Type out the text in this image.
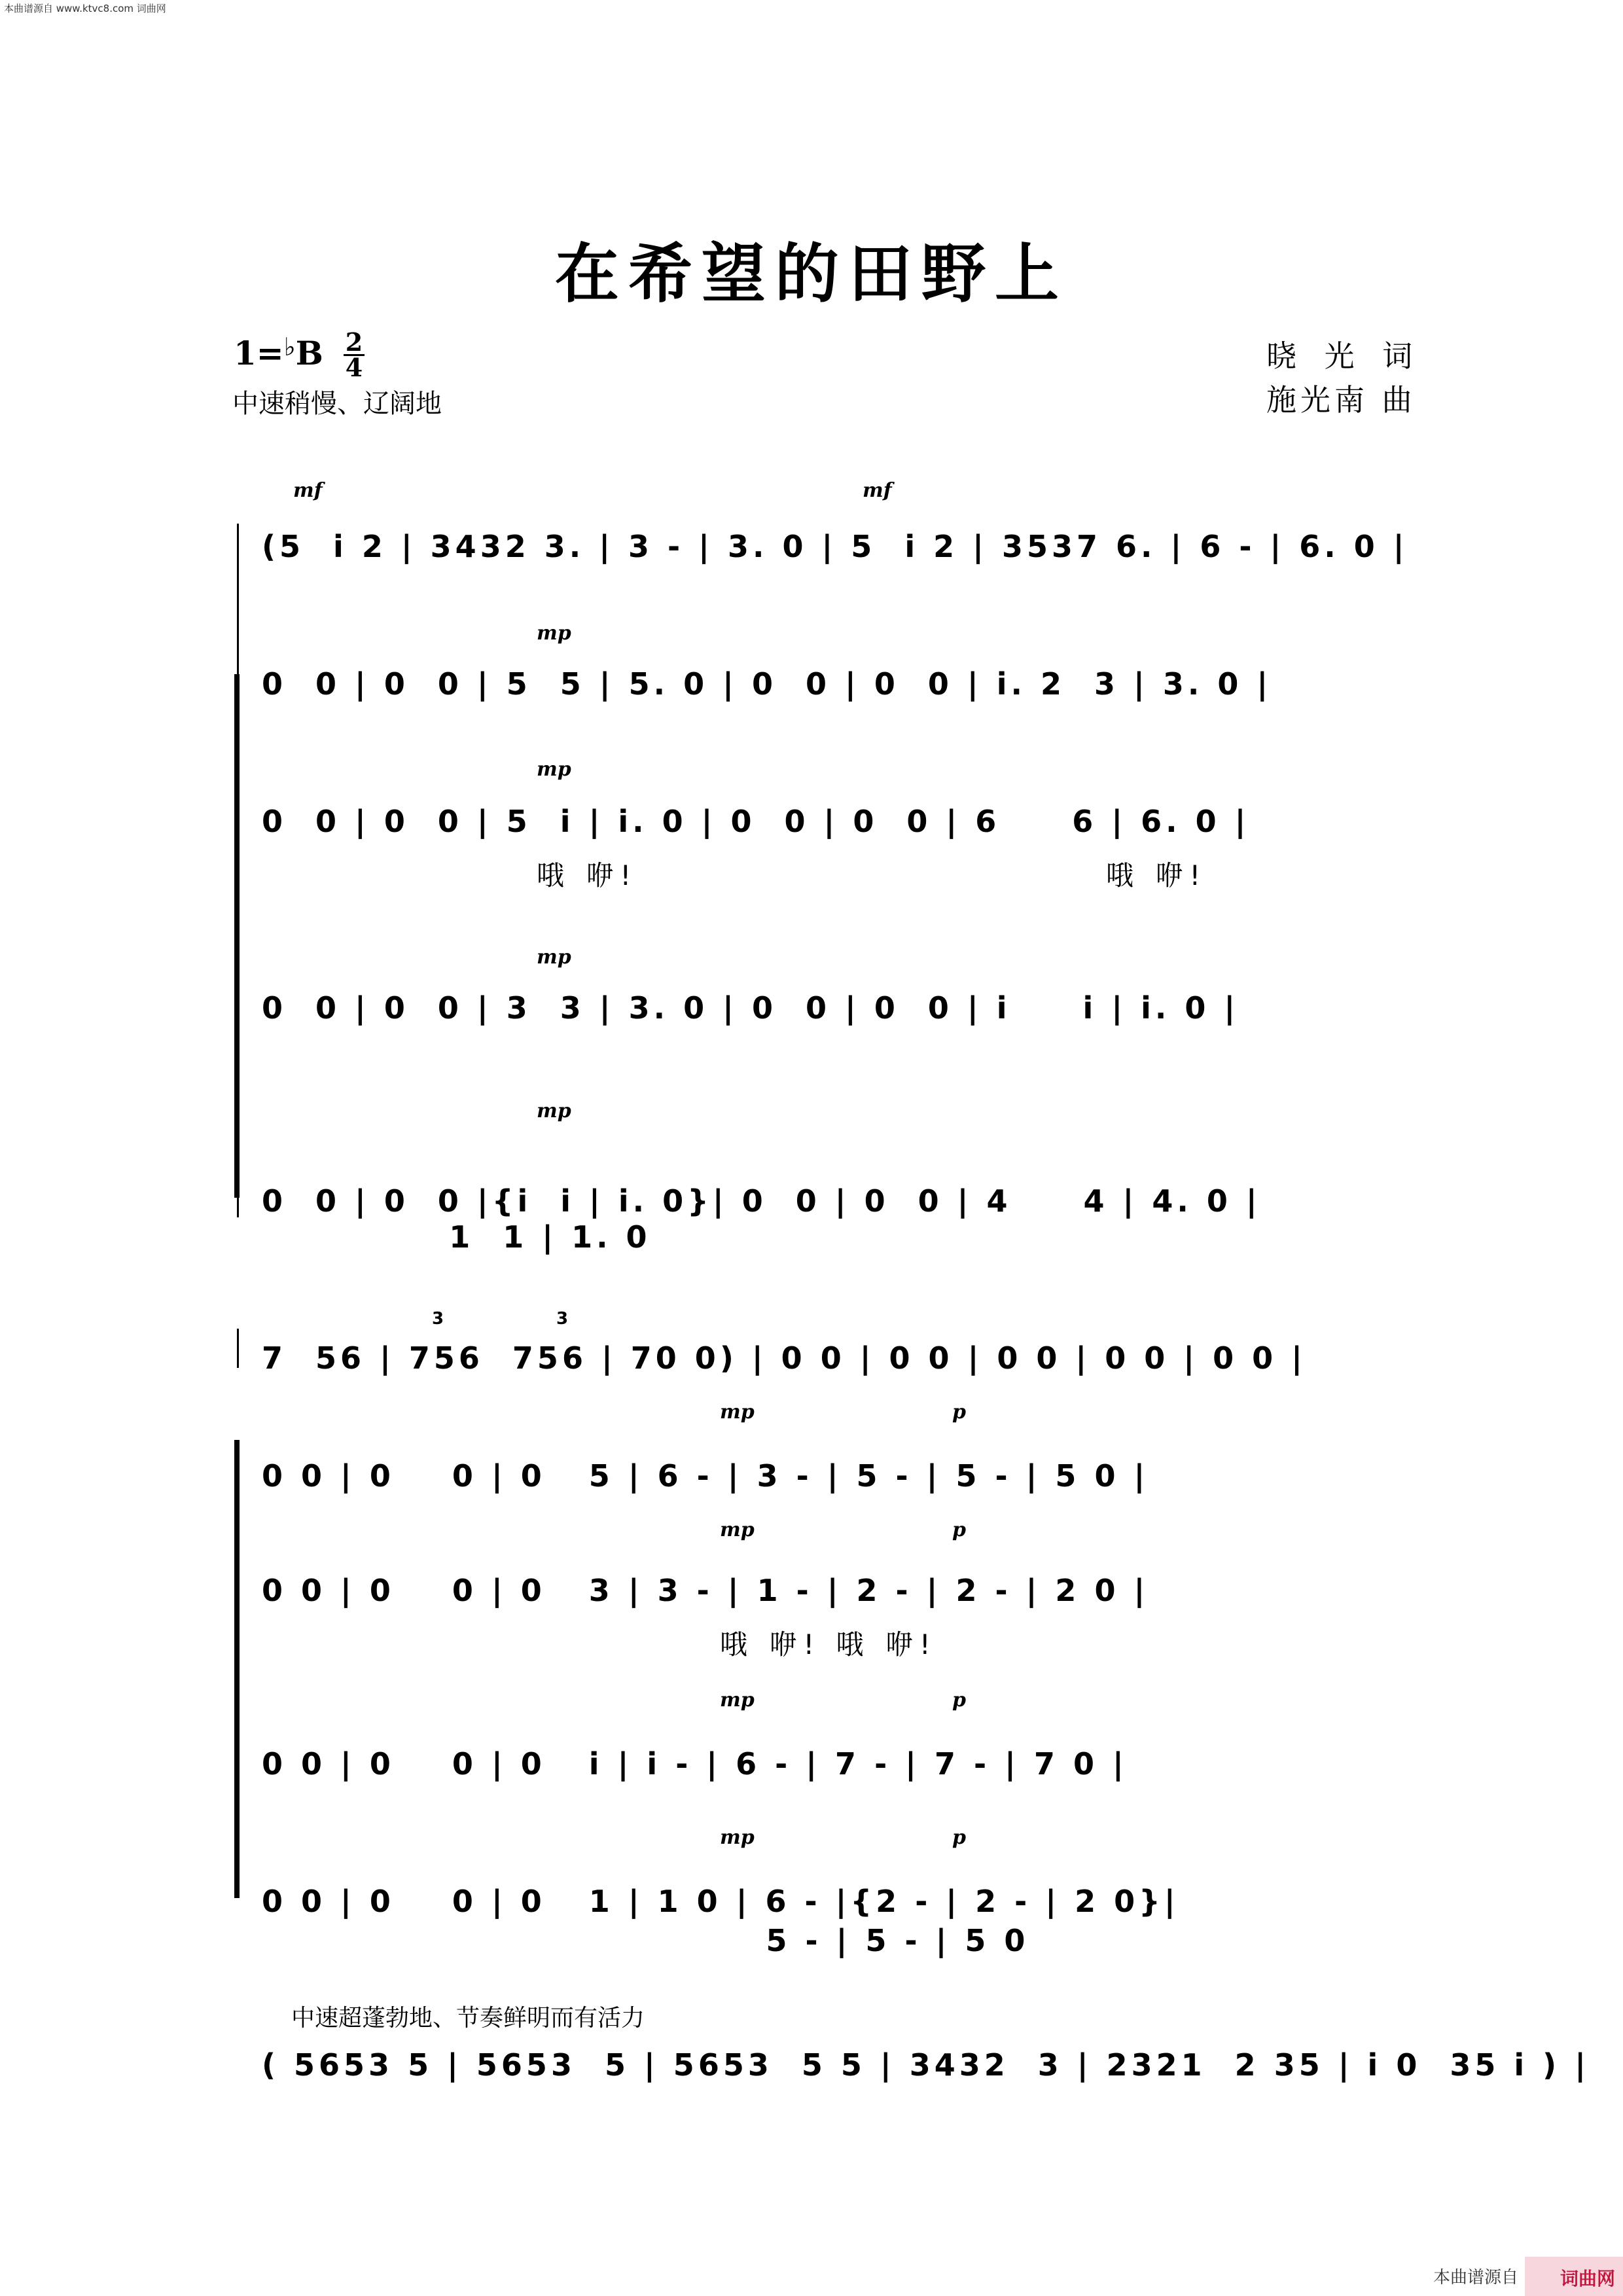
本曲谱源自 www.ktvc8.com 词曲网
在希望的田野上
1=♭B 2
4
中速稍慢、辽阔地
晓 光 词
施光南 曲
mf	mf
mp
mp
mp
mp
(5  i 2 | 3432 3. | 3 - | 3. 0 | 5  i 2 | 3537 6. | 6 - | 6. 0 |
0  0 | 0  0 | 5  5 | 5. 0 | 0  0 | 0  0 | i. 2  3 | 3. 0 |
0  0 | 0  0 | 5  i | i. 0 | 0  0 | 0  0 | 6     6 | 6. 0 |
哦 咿!	哦 咿!
0  0 | 0  0 | 3  3 | 3. 0 | 0  0 | 0  0 | i     i | i. 0 |
0  0 | 0  0 |{i  i | i. 0}| 0  0 | 0  0 | 4     4 | 4. 0 |
1  1 | 1. 0
mp	p
mp	p
mp	p
mp	p
7  56 | 756  756 | 70 0) | 0 0 | 0 0 | 0 0 | 0 0 | 0 0 |
3	3
0 0 | 0    0 | 0   5 | 6 - | 3 - | 5 - | 5 - | 5 0 |
0 0 | 0    0 | 0   3 | 3 - | 1 - | 2 - | 2 - | 2 0 |
哦 咿! 哦 咿!
0 0 | 0    0 | 0   i | i - | 6 - | 7 - | 7 - | 7 0 |
0 0 | 0    0 | 0   1 | 1 0 | 6 - |{2 - | 2 - | 2 0}|
5 - | 5 - | 5 0
中速超蓬勃地、节奏鲜明而有活力
( 5653 5 | 5653  5 | 5653  5 5 | 3432  3 | 2321  2 35 | i 0  35 i ) |
本曲谱源自 词曲网
